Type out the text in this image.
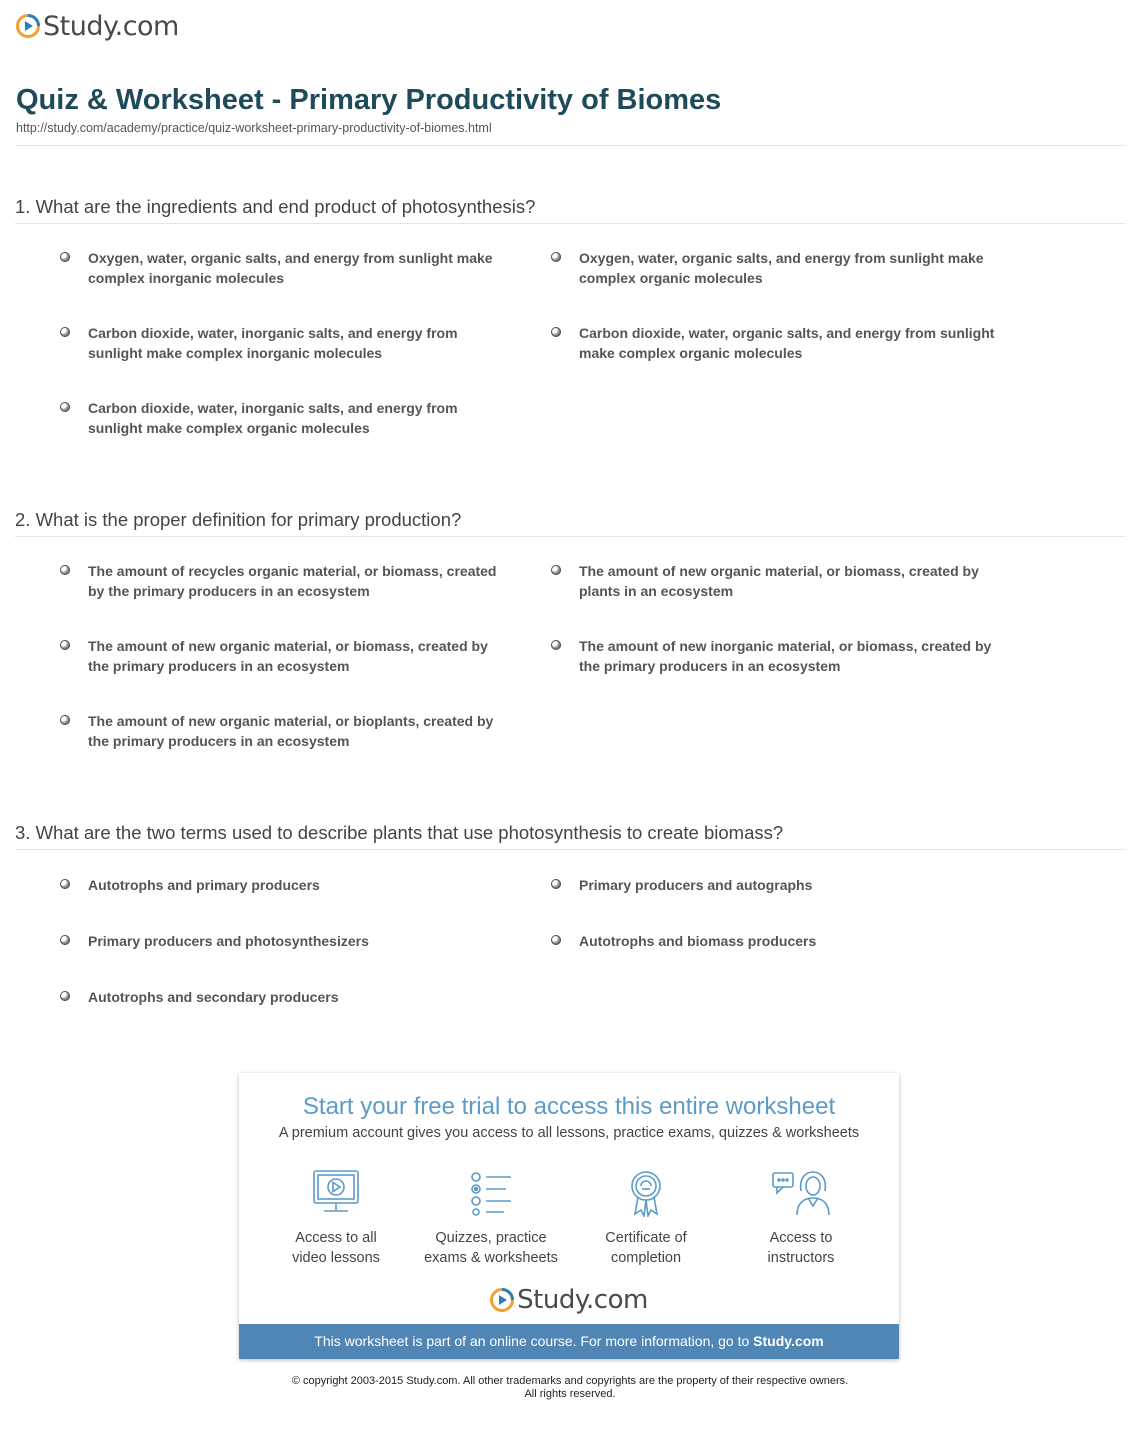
Study.com
Quiz & Worksheet - Primary Productivity of Biomes
http://study.com/academy/practice/quiz-worksheet-primary-productivity-of-biomes.html
1. What are the ingredients and end product of photosynthesis?
Oxygen, water, organic salts, and energy from sunlight make complex inorganic molecules
Oxygen, water, organic salts, and energy from sunlight make complex organic molecules
Carbon dioxide, water, inorganic salts, and energy from sunlight make complex inorganic molecules
Carbon dioxide, water, organic salts, and energy from sunlight make complex organic molecules
Carbon dioxide, water, inorganic salts, and energy from sunlight make complex organic molecules
2. What is the proper definition for primary production?
The amount of recycles organic material, or biomass, created by the primary producers in an ecosystem
The amount of new organic material, or biomass, created by plants in an ecosystem
The amount of new organic material, or biomass, created by the primary producers in an ecosystem
The amount of new inorganic material, or biomass, created by the primary producers in an ecosystem
The amount of new organic material, or bioplants, created by the primary producers in an ecosystem
3. What are the two terms used to describe plants that use photosynthesis to create biomass?
Autotrophs and primary producers	Primary producers and autographs
Primary producers and photosynthesizers	Autotrophs and biomass producers
Autotrophs and secondary producers
Start your free trial to access this entire worksheet
A premium account gives you access to all lessons, practice exams, quizzes & worksheets
Access to all
video lessons
Quizzes, practice
exams & worksheets
Certificate of
completion
Access to
instructors
Study.com
This worksheet is part of an online course. For more information, go to Study.com
© copyright 2003-2015 Study.com. All other trademarks and copyrights are the property of their respective owners.
All rights reserved.
